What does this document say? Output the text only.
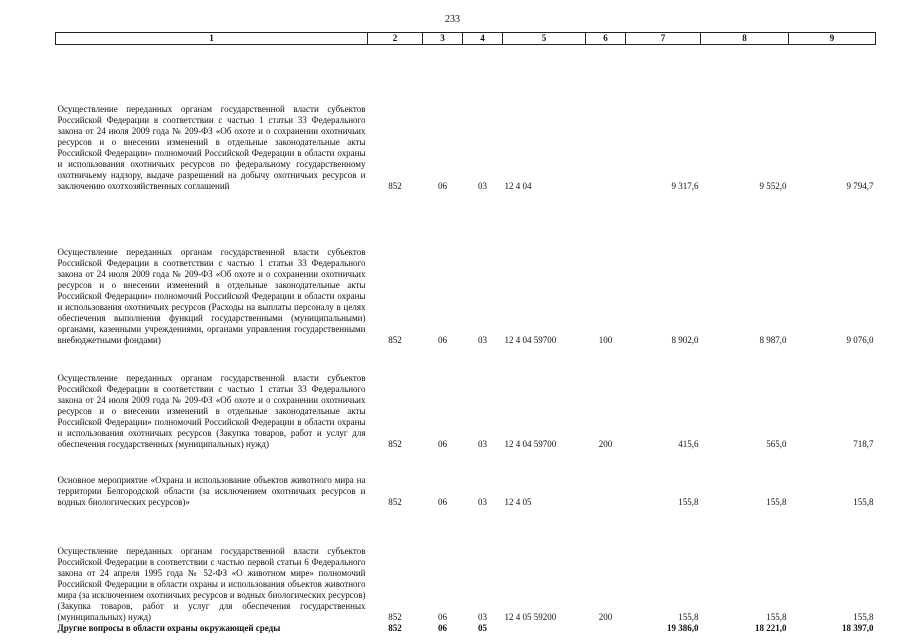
233
1	2	3	4	5	6	7	8	9
Осуществление переданных органам государственной власти субъектов Российской Федерации в соответствии с частью 1 статьи 33 Федерального закона от 24 июля 2009 года № 209-ФЗ «Об охоте и о сохранении охотничьих ресурсов и о внесении изменений в отдельные законодательные акты Российской Федерации» полномочий Российской Федерации в области охраны и использования охотничьих ресурсов по федеральному государственному охотничьему надзору, выдаче разрешений на добычу охотничьих ресурсов и заключению охотхозяйственных соглашений	852	06	03	12 4 04		9 317,6	9 552,0	9 794,7
Осуществление переданных органам государственной власти субъектов Российской Федерации в соответствии с частью 1 статьи 33 Федерального закона от 24 июля 2009 года № 209-ФЗ «Об охоте и о сохранении охотничьих ресурсов и о внесении изменений в отдельные законодательные акты Российской Федерации» полномочий Российской Федерации в области охраны и использования охотничьих ресурсов (Расходы на выплаты персоналу в целях обеспечения выполнения функций государственными (муниципальными) органами, казенными учреждениями, органами управления государственными внебюджетными фондами)	852	06	03	12 4 04 59700	100	8 902,0	8 987,0	9 076,0
Осуществление переданных органам государственной власти субъектов Российской Федерации в соответствии с частью 1 статьи 33 Федерального закона от 24 июля 2009 года № 209-ФЗ «Об охоте и о сохранении охотничьих ресурсов и о внесении изменений в отдельные законодательные акты Российской Федерации» полномочий Российской Федерации в области охраны и использования охотничьих ресурсов (Закупка товаров, работ и услуг для обеспечения государственных (муниципальных) нужд)	852	06	03	12 4 04 59700	200	415,6	565,0	718,7
Основное мероприятие «Охрана и использование объектов животного мира на территории Белгородской области (за исключением охотничьих ресурсов и водных биологических ресурсов)»	852	06	03	12 4 05		155,8	155,8	155,8
Осуществление переданных органам государственной власти субъектов Российской Федерации в соответствии с частью первой статьи 6 Федерального закона от 24 апреля 1995 года № 52-ФЗ «О животном мире» полномочий Российской Федерации в области охраны и использования объектов животного мира (за исключением охотничьих ресурсов и водных биологических ресурсов) (Закупка товаров, работ и услуг для обеспечения государственных (муниципальных) нужд)	852	06	03	12 4 05 59200	200	155,8	155,8	155,8
Другие вопросы в области охраны окружающей среды	852	06	05			19 386,0	18 221,0	18 397,0
